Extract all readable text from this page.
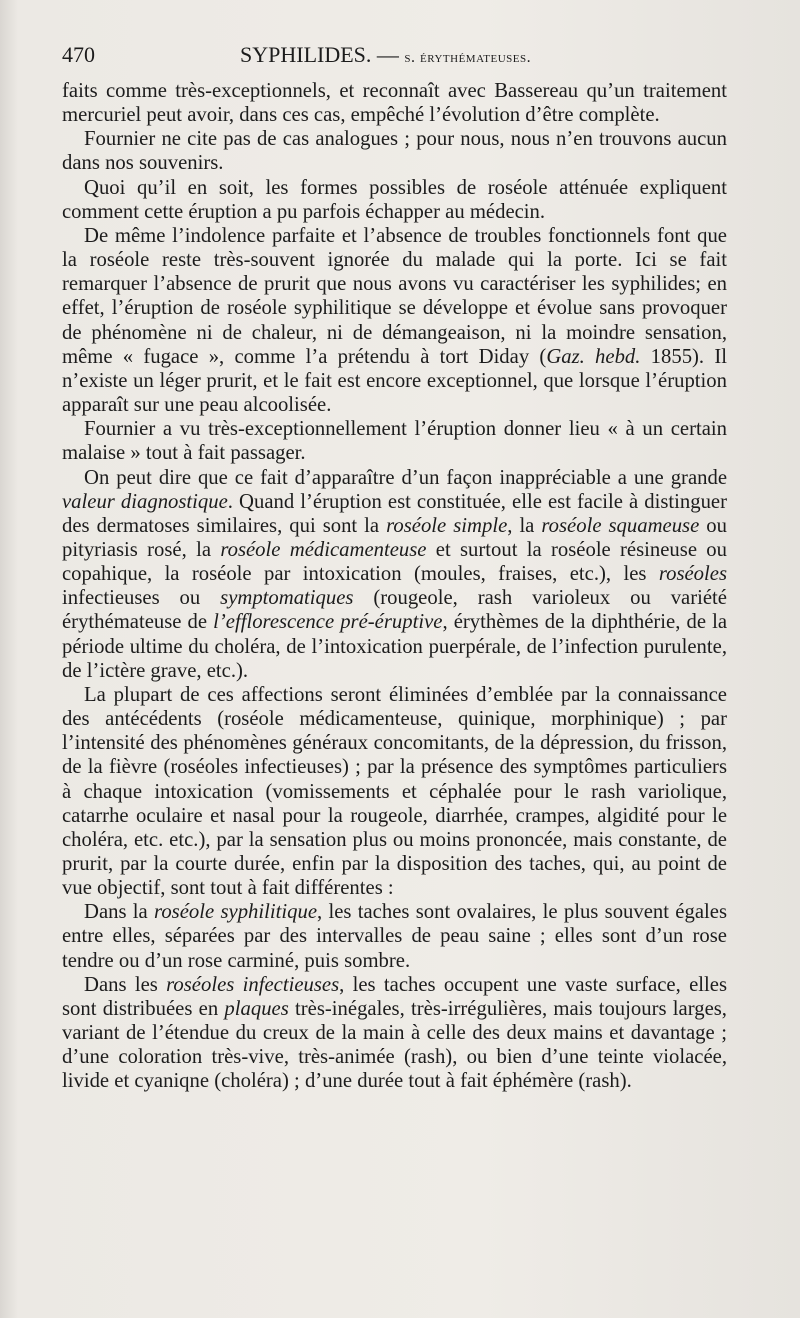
470	SYPHILIDES. — s. érythémateuses.

faits comme très-exceptionnels, et reconnaît avec Bassereau qu’un traitement mercuriel peut avoir, dans ces cas, empêché l’évolution d’être complète.

Fournier ne cite pas de cas analogues ; pour nous, nous n’en trouvons aucun dans nos souvenirs.

Quoi qu’il en soit, les formes possibles de roséole atténuée expliquent comment cette éruption a pu parfois échapper au médecin.

De même l’indolence parfaite et l’absence de troubles fonctionnels font que la roséole reste très-souvent ignorée du malade qui la porte. Ici se fait remarquer l’absence de prurit que nous avons vu caractériser les syphilides; en effet, l’éruption de roséole syphilitique se développe et évolue sans provoquer de phénomène ni de chaleur, ni de démangeaison, ni la moindre sensation, même « fugace », comme l’a prétendu à tort Diday (Gaz. hebd. 1855). Il n’existe un léger prurit, et le fait est encore exceptionnel, que lorsque l’éruption apparaît sur une peau alcoolisée.

Fournier a vu très-exceptionnellement l’éruption donner lieu « à un certain malaise » tout à fait passager.

On peut dire que ce fait d’apparaître d’un façon inappréciable a une grande valeur diagnostique. Quand l’éruption est constituée, elle est facile à distinguer des dermatoses similaires, qui sont la roséole simple, la roséole squameuse ou pityriasis rosé, la roséole médicamenteuse et surtout la roséole résineuse ou copahique, la roséole par intoxication (moules, fraises, etc.), les roséoles infectieuses ou symptomatiques (rougeole, rash varioleux ou variété érythémateuse de l’efflorescence pré-éruptive, érythèmes de la diphthérie, de la période ultime du choléra, de l’intoxication puerpérale, de l’infection purulente, de l’ictère grave, etc.).

La plupart de ces affections seront éliminées d’emblée par la connaissance des antécédents (roséole médicamenteuse, quinique, morphinique) ; par l’intensité des phénomènes généraux concomitants, de la dépression, du frisson, de la fièvre (roséoles infectieuses) ; par la présence des symptômes particuliers à chaque intoxication (vomissements et céphalée pour le rash variolique, catarrhe oculaire et nasal pour la rougeole, diarrhée, crampes, algidité pour le choléra, etc. etc.), par la sensation plus ou moins prononcée, mais constante, de prurit, par la courte durée, enfin par la disposition des taches, qui, au point de vue objectif, sont tout à fait différentes :

Dans la roséole syphilitique, les taches sont ovalaires, le plus souvent égales entre elles, séparées par des intervalles de peau saine ; elles sont d’un rose tendre ou d’un rose carminé, puis sombre.

Dans les roséoles infectieuses, les taches occupent une vaste surface, elles sont distribuées en plaques très-inégales, très-irrégulières, mais toujours larges, variant de l’étendue du creux de la main à celle des deux mains et davantage ; d’une coloration très-vive, très-animée (rash), ou bien d’une teinte violacée, livide et cyaniqne (choléra) ; d’une durée tout à fait éphémère (rash).
